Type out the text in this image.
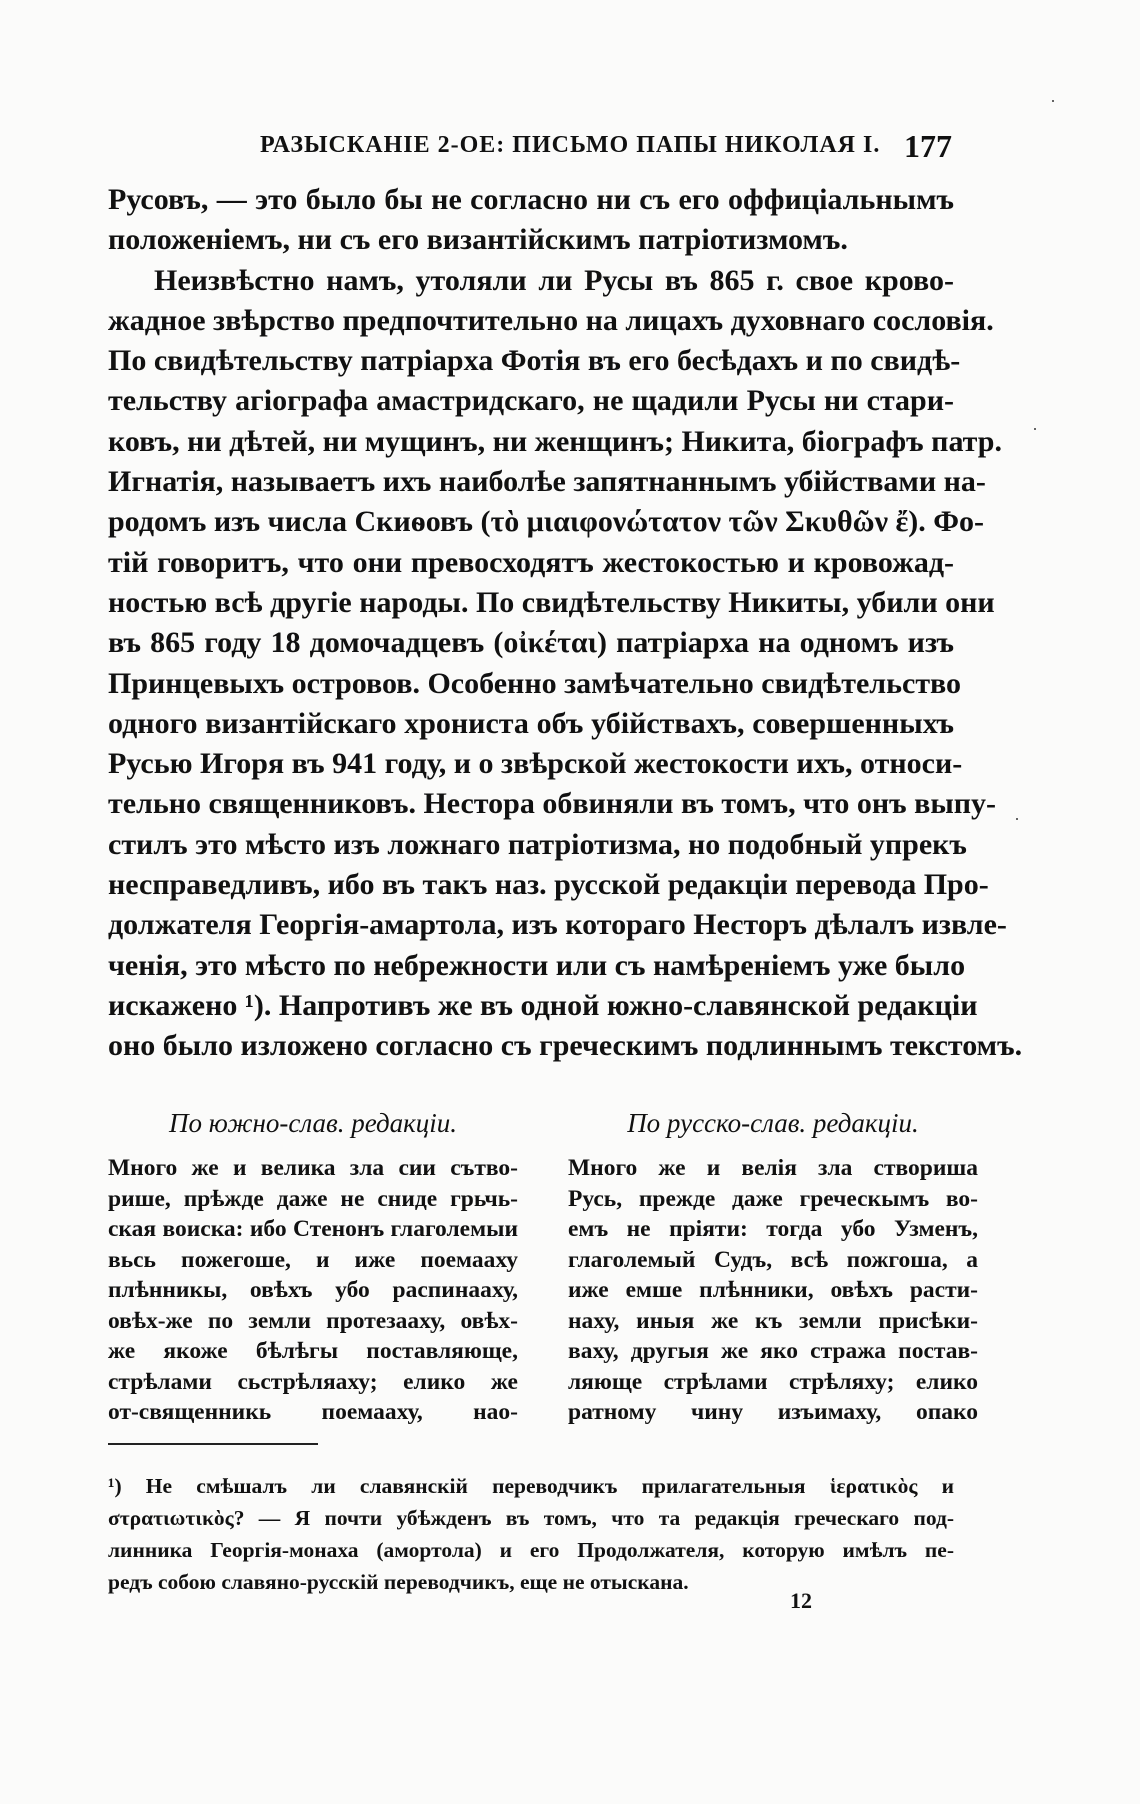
РАЗЫСКАНІЕ 2-ОЕ: ПИСЬМО ПАПЫ НИКОЛАЯ I. 177
Русовъ, — это было бы не согласно ни съ его оффиціальнымъ
положеніемъ, ни съ его византійскимъ патріотизмомъ.
Неизвѣстно намъ, утоляли ли Русы въ 865 г. свое крово-
жадное звѣрство предпочтительно на лицахъ духовнаго сословія.
По свидѣтельству патріарха Фотія въ его бесѣдахъ и по свидѣ-
тельству агіографа амастридскаго, не щадили Русы ни стари-
ковъ, ни дѣтей, ни мущинъ, ни женщинъ; Никита, біографъ патр.
Игнатія, называетъ ихъ наиболѣе запятнаннымъ убійствами на-
родомъ изъ числа Скиѳовъ (τὸ μιαιφονώτατον τῶν Σκυθῶν ἔ). Фо-
тій говоритъ, что они превосходятъ жестокостью и кровожад-
ностью всѣ другіе народы. По свидѣтельству Никиты, убили они
въ 865 году 18 домочадцевъ (οἰκέται) патріарха на одномъ изъ
Принцевыхъ островов. Особенно замѣчательно свидѣтельство
одного византійскаго хрониста объ убійствахъ, совершенныхъ
Русью Игоря въ 941 году, и о звѣрской жестокости ихъ, относи-
тельно священниковъ. Нестора обвиняли въ томъ, что онъ выпу-
стилъ это мѣсто изъ ложнаго патріотизма, но подобный упрекъ
несправедливъ, ибо въ такъ наз. русской редакціи перевода Про-
должателя Георгія-амартола, изъ котораго Несторъ дѣлалъ извле-
ченія, это мѣсто по небрежности или съ намѣреніемъ уже было
искажено ¹). Напротивъ же въ одной южно-славянской редакціи
оно было изложено согласно съ греческимъ подлиннымъ текстомъ.
По южно-слав. редакціи.
Много же и велика зла сии сътво-
рише, прѣжде даже не сниде грьчь-
ская воиска: ибо Стенонъ глаголемыи
вьсь пожегоше, и иже поемааху
плѣнникы, овѣхъ убо распинааху,
овѣх-же по земли протезааху, овѣх-
же якоже бѣлѣгы поставляюще,
стрѣлами сьстрѣляаху; елико же
от-священникь поемааху, нао-
По русско-слав. редакціи.
Много же и велія зла створиша
Русь, прежде даже греческымъ во-
емъ не пріяти: тогда убо Узменъ,
глаголемый Судъ, всѣ пожгоша, а
иже емше плѣнники, овѣхъ расти-
наху, иныя же къ земли присѣки-
ваху, другыя же яко стража постав-
ляюще стрѣлами стрѣляху; елико
ратному чину изъимаху, опако
¹) Не смѣшалъ ли славянскій переводчикъ прилагательныя ἱερατικὸς и
στρατιωτικὸς? — Я почти убѣжденъ въ томъ, что та редакція греческаго под-
линника Георгія-монаха (амортола) и его Продолжателя, которую имѣлъ пе-
редъ собою славяно-русскій переводчикъ, еще не отыскана.
12
